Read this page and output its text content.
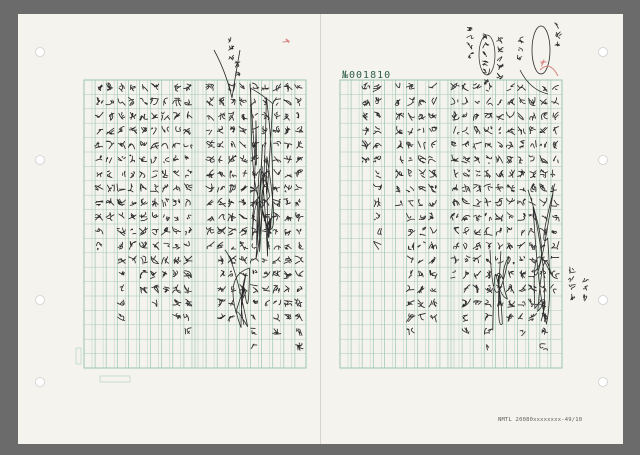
№001810
NMTL 20080xxxxxxxx-49/10
